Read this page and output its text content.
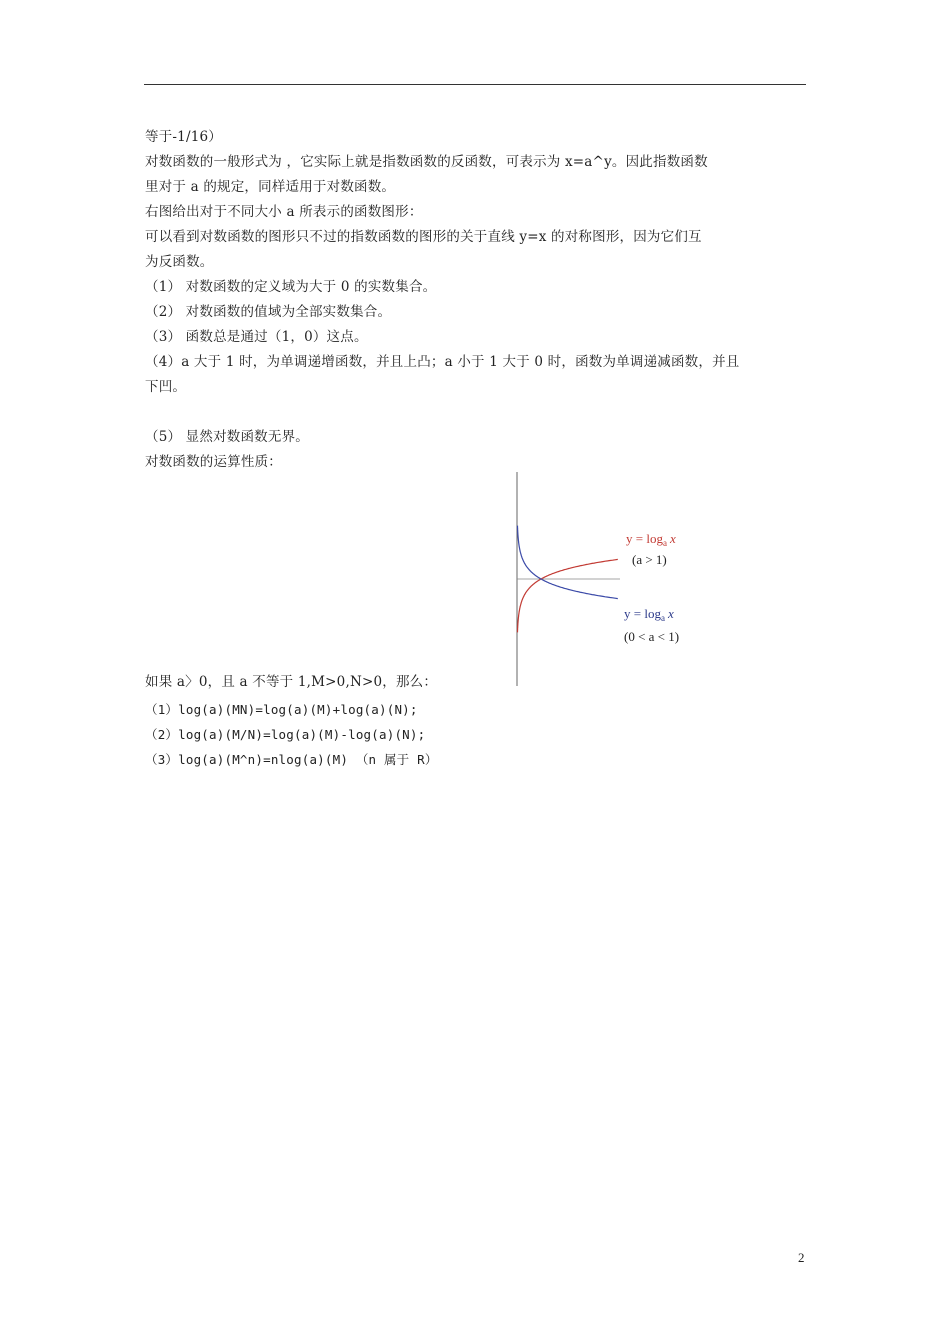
等于-1/16）
对数函数的一般形式为 ，它实际上就是指数函数的反函数，可表示为 x=a^y。因此指数函数
里对于 a 的规定，同样适用于对数函数。
右图给出对于不同大小 a 所表示的函数图形：
可以看到对数函数的图形只不过的指数函数的图形的关于直线 y=x 的对称图形，因为它们互
为反函数。
（1） 对数函数的定义域为大于 0 的实数集合。
（2） 对数函数的值域为全部实数集合。
（3） 函数总是通过（1，0）这点。
（4）a 大于 1 时，为单调递增函数，并且上凸；a 小于 1 大于 0 时，函数为单调递减函数，并且
下凹。
（5） 显然对数函数无界。
对数函数的运算性质：
如果 a〉0，且 a 不等于 1,M>0,N>0，那么：
（1）log(a)(MN)=log(a)(M)+log(a)(N);
（2）log(a)(M/N)=log(a)(M)-log(a)(N);
（3）log(a)(M^n)=nlog(a)(M) （n 属于 R）
$y = \log_a x$
(a > 1)
$y = \log_a x$
(0 < a < 1)
2
